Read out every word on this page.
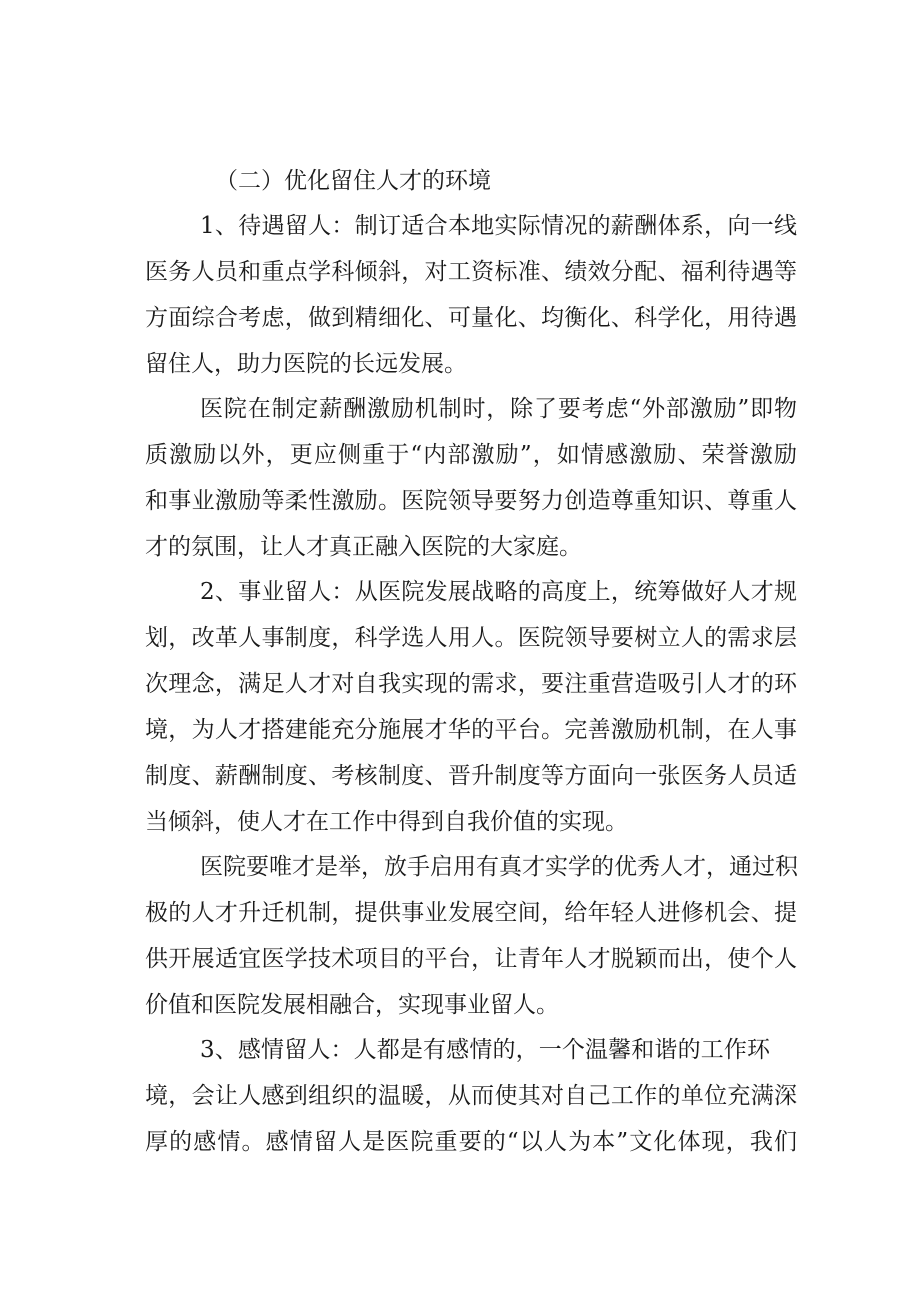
（二）优化留住人才的环境
1、待遇留人：制订适合本地实际情况的薪酬体系，向一线
医务人员和重点学科倾斜，对工资标准、绩效分配、福利待遇等
方面综合考虑，做到精细化、可量化、均衡化、科学化，用待遇
留住人，助力医院的长远发展。
医院在制定薪酬激励机制时，除了要考虑“外部激励”即物
质激励以外，更应侧重于“内部激励”，如情感激励、荣誉激励
和事业激励等柔性激励。医院领导要努力创造尊重知识、尊重人
才的氛围，让人才真正融入医院的大家庭。
2、事业留人：从医院发展战略的高度上，统筹做好人才规
划，改革人事制度，科学选人用人。医院领导要树立人的需求层
次理念，满足人才对自我实现的需求，要注重营造吸引人才的环
境，为人才搭建能充分施展才华的平台。完善激励机制，在人事
制度、薪酬制度、考核制度、晋升制度等方面向一张医务人员适
当倾斜，使人才在工作中得到自我价值的实现。
医院要唯才是举，放手启用有真才实学的优秀人才，通过积
极的人才升迁机制，提供事业发展空间，给年轻人进修机会、提
供开展适宜医学技术项目的平台，让青年人才脱颖而出，使个人
价值和医院发展相融合，实现事业留人。
3、感情留人：人都是有感情的，一个温馨和谐的工作环
境，会让人感到组织的温暖，从而使其对自己工作的单位充满深
厚的感情。感情留人是医院重要的“以人为本”文化体现，我们
